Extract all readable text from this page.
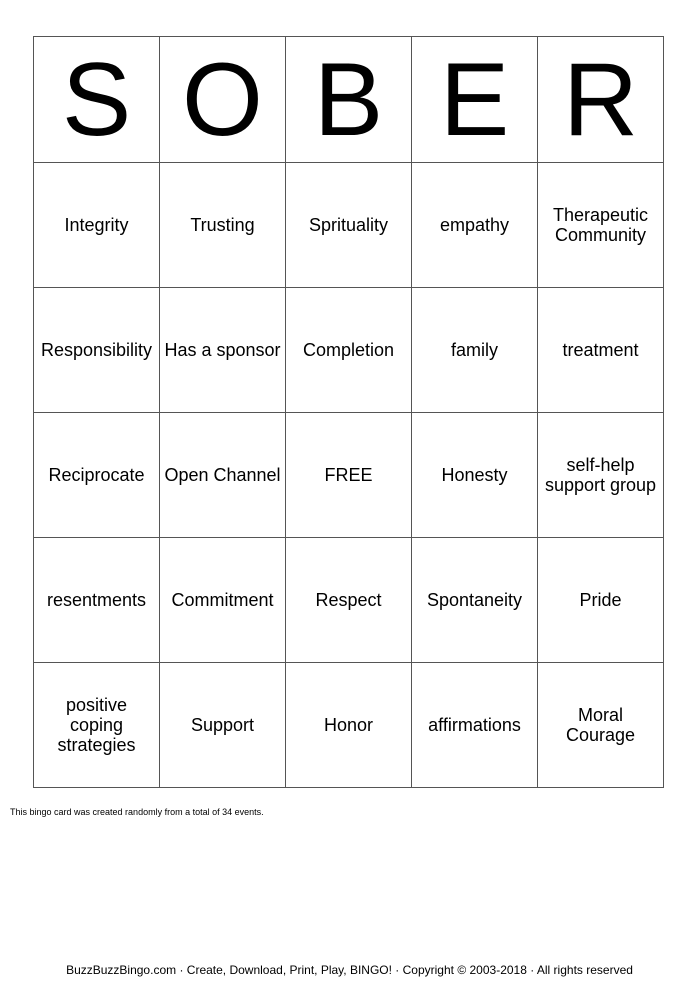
S	O	B	E	R
Integrity	Trusting	Sprituality	empathy	Therapeutic Community
Responsibility	Has a sponsor	Completion	family	treatment
Reciprocate	Open Channel	FREE	Honesty	self-help support group
resentments	Commitment	Respect	Spontaneity	Pride
positive coping strategies	Support	Honor	affirmations	Moral Courage
This bingo card was created randomly from a total of 34 events.
BuzzBuzzBingo.com · Create, Download, Print, Play, BINGO! · Copyright © 2003-2018 · All rights reserved
